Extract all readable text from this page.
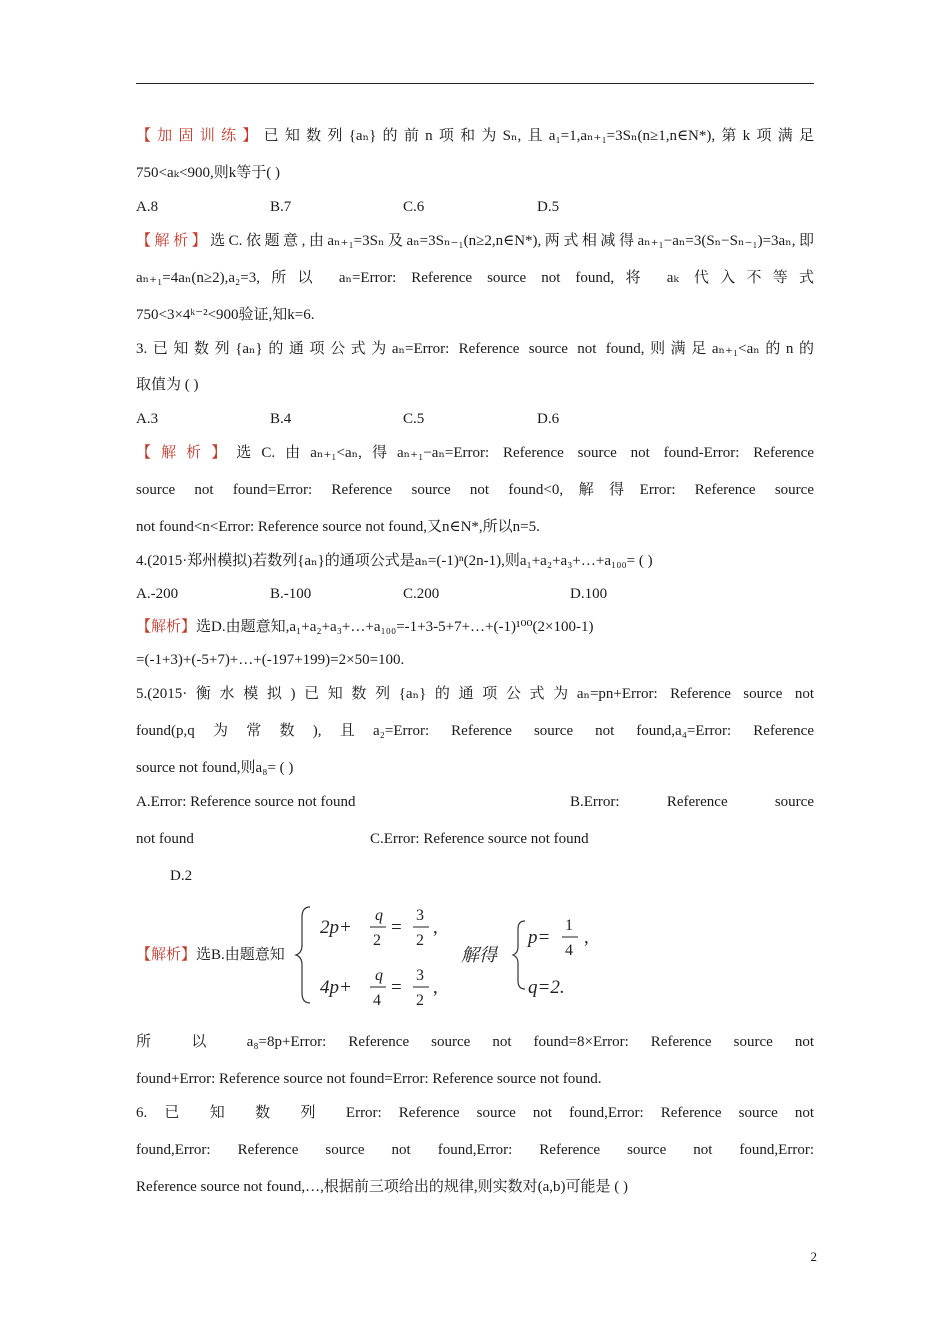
【加固训练】已知数列{aₙ}的前n项和为Sₙ,且a₁=1,aₙ₊₁=3Sₙ(n≥1,n∈N*),第k项满足
750<aₖ<900,则k等于( )
A.8	B.7	C.6	D.5
【解析】选C.依题意,由aₙ₊₁=3Sₙ及aₙ=3Sₙ₋₁(n≥2,n∈N*),两式相减得aₙ₊₁−aₙ=3(Sₙ−Sₙ₋₁)=3aₙ,即
aₙ₊₁=4aₙ(n≥2),a₂=3,所以 aₙ=Error: Reference source not found,将 aₖ 代入不等式
750<3×4ᵏ⁻²<900验证,知k=6.
3.已知数列{aₙ}的通项公式为aₙ=Error: Reference source not found,则满足aₙ₊₁<aₙ的n的
取值为 ( )
A.3	B.4	C.5	D.6
【解析】选C.由aₙ₊₁<aₙ,得aₙ₊₁−aₙ=Error: Reference source not found-Error: Reference
source not found=Error: Reference source not found<0,解得Error: Reference source
not found<n<Error: Reference source not found,又n∈N*,所以n=5.
4.(2015·郑州模拟)若数列{aₙ}的通项公式是aₙ=(-1)ⁿ(2n-1),则a₁+a₂+a₃+…+a₁₀₀= ( )
A.-200	B.-100	C.200	D.100
【解析】选D.由题意知,a₁+a₂+a₃+…+a₁₀₀=-1+3-5+7+…+(-1)¹⁰⁰(2×100-1)
=(-1+3)+(-5+7)+…+(-197+199)=2×50=100.
5.(2015·衡水模拟)已知数列{aₙ}的通项公式为aₙ=pn+Error: Reference source not
found(p,q为常数),且a₂=Error: Reference source not found,a₄=Error: Reference
source not found,则a₈= ( )
A.Error: Reference source not found	B.Error: Reference source
not found	C.Error: Reference source not found
D.2
【解析】选B.由题意知
所 以 a₈=8p+Error: Reference source not found=8×Error: Reference source not
found+Error: Reference source not found=Error: Reference source not found.
6. 已 知 数 列 Error: Reference source not found,Error: Reference source not
found,Error: Reference source not found,Error: Reference source not found,Error:
Reference source not found,…,根据前三项给出的规律,则实数对(a,b)可能是 ( )
2p+
q
2
=
3
2
,
4p+
q
4
=
3
2
,
解得
p=
1
4
,
q=2.
2
